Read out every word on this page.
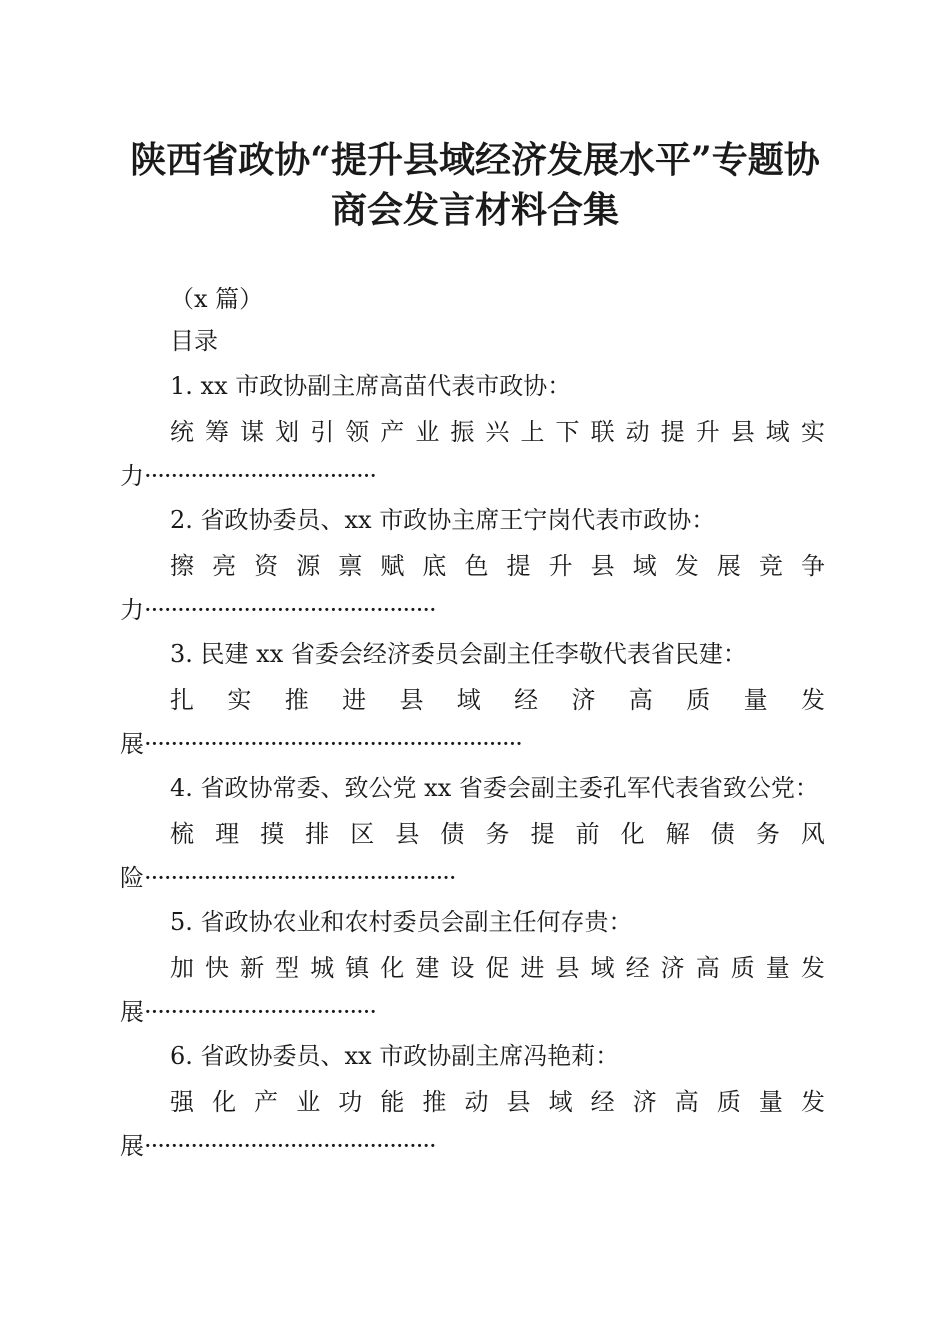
陕西省政协“提升县域经济发展水平”专题协
商会发言材料合集
（x 篇）
目录
1. xx 市政协副主席高苗代表市政协：
统 筹 谋 划 引 领 产 业 振 兴 上 下 联 动 提 升 县 域 实
力···································
2. 省政协委员、xx 市政协主席王宁岗代表市政协：
擦 亮 资 源 禀 赋 底 色 提 升 县 域 发 展 竞 争
力············································
3. 民建 xx 省委会经济委员会副主任李敬代表省民建：
扎 实 推 进 县 域 经 济 高 质 量 发
展·························································
4. 省政协常委、致公党 xx 省委会副主委孔军代表省致公党：
梳 理 摸 排 区 县 债 务 提 前 化 解 债 务 风
险···············································
5. 省政协农业和农村委员会副主任何存贵：
加 快 新 型 城 镇 化 建 设 促 进 县 域 经 济 高 质 量 发
展···································
6. 省政协委员、xx 市政协副主席冯艳莉：
强 化 产 业 功 能 推 动 县 域 经 济 高 质 量 发
展············································
